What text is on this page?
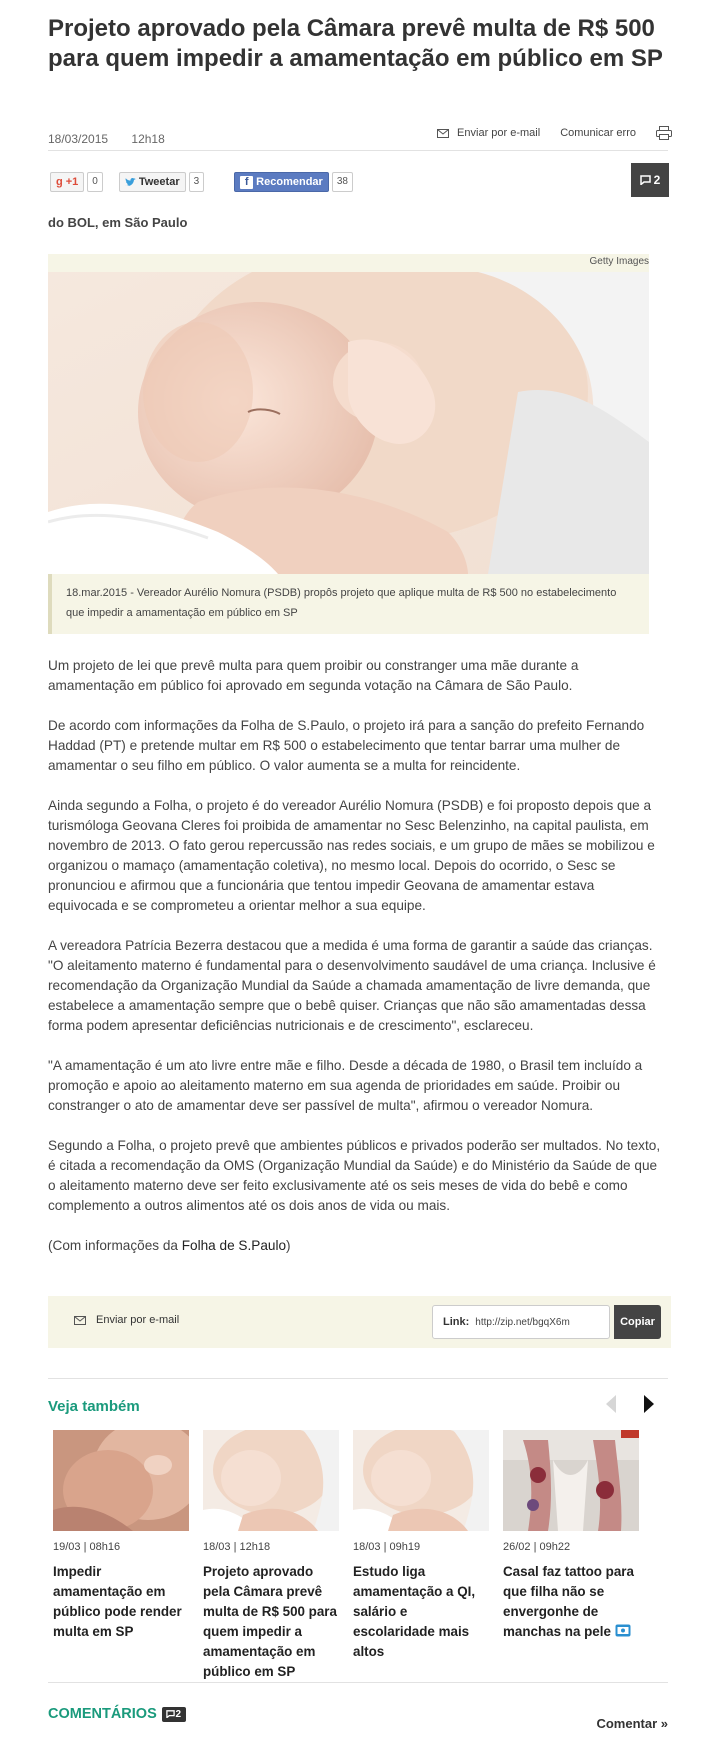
Projeto aprovado pela Câmara prevê multa de R$ 500 para quem impedir a amamentação em público em SP
18/03/2015 12h18	Enviar por e-mail Comunicar erro
g +1	0	Tweetar	3	f Recomendar	38	2
do BOL, em São Paulo
Getty Images
18.mar.2015 - Vereador Aurélio Nomura (PSDB) propôs projeto que aplique multa de R$ 500 no estabelecimento que impedir a amamentação em público em SP

Um projeto de lei que prevê multa para quem proibir ou constranger uma mãe durante a amamentação em público foi aprovado em segunda votação na Câmara de São Paulo.

De acordo com informações da Folha de S.Paulo, o projeto irá para a sanção do prefeito Fernando Haddad (PT) e pretende multar em R$ 500 o estabelecimento que tentar barrar uma mulher de amamentar o seu filho em público. O valor aumenta se a multa for reincidente.

Ainda segundo a Folha, o projeto é do vereador Aurélio Nomura (PSDB) e foi proposto depois que a turismóloga Geovana Cleres foi proibida de amamentar no Sesc Belenzinho, na capital paulista, em novembro de 2013. O fato gerou repercussão nas redes sociais, e um grupo de mães se mobilizou e organizou o mamaço (amamentação coletiva), no mesmo local. Depois do ocorrido, o Sesc se pronunciou e afirmou que a funcionária que tentou impedir Geovana de amamentar estava equivocada e se comprometeu a orientar melhor a sua equipe.

A vereadora Patrícia Bezerra destacou que a medida é uma forma de garantir a saúde das crianças. "O aleitamento materno é fundamental para o desenvolvimento saudável de uma criança. Inclusive é recomendação da Organização Mundial da Saúde a chamada amamentação de livre demanda, que estabelece a amamentação sempre que o bebê quiser. Crianças que não são amamentadas dessa forma podem apresentar deficiências nutricionais e de crescimento", esclareceu.

"A amamentação é um ato livre entre mãe e filho. Desde a década de 1980, o Brasil tem incluído a promoção e apoio ao aleitamento materno em sua agenda de prioridades em saúde. Proibir ou constranger o ato de amamentar deve ser passível de multa", afirmou o vereador Nomura.

Segundo a Folha, o projeto prevê que ambientes públicos e privados poderão ser multados. No texto, é citada a recomendação da OMS (Organização Mundial da Saúde) e do Ministério da Saúde de que o aleitamento materno deve ser feito exclusivamente até os seis meses de vida do bebê e como complemento a outros alimentos até os dois anos de vida ou mais.

(Com informações da Folha de S.Paulo)

Enviar por e-mail	Link: http://zip.net/bgqX6m	Copiar
Veja também
19/03 | 08h16
Impedir amamentação em público pode render multa em SP
18/03 | 12h18
Projeto aprovado pela Câmara prevê multa de R$ 500 para quem impedir a amamentação em público em SP
18/03 | 09h19
Estudo liga amamentação a QI, salário e escolaridade mais altos
26/02 | 09h22
Casal faz tattoo para que filha não se envergonhe de manchas na pele
COMENTÁRIOS 2
Comentar »
